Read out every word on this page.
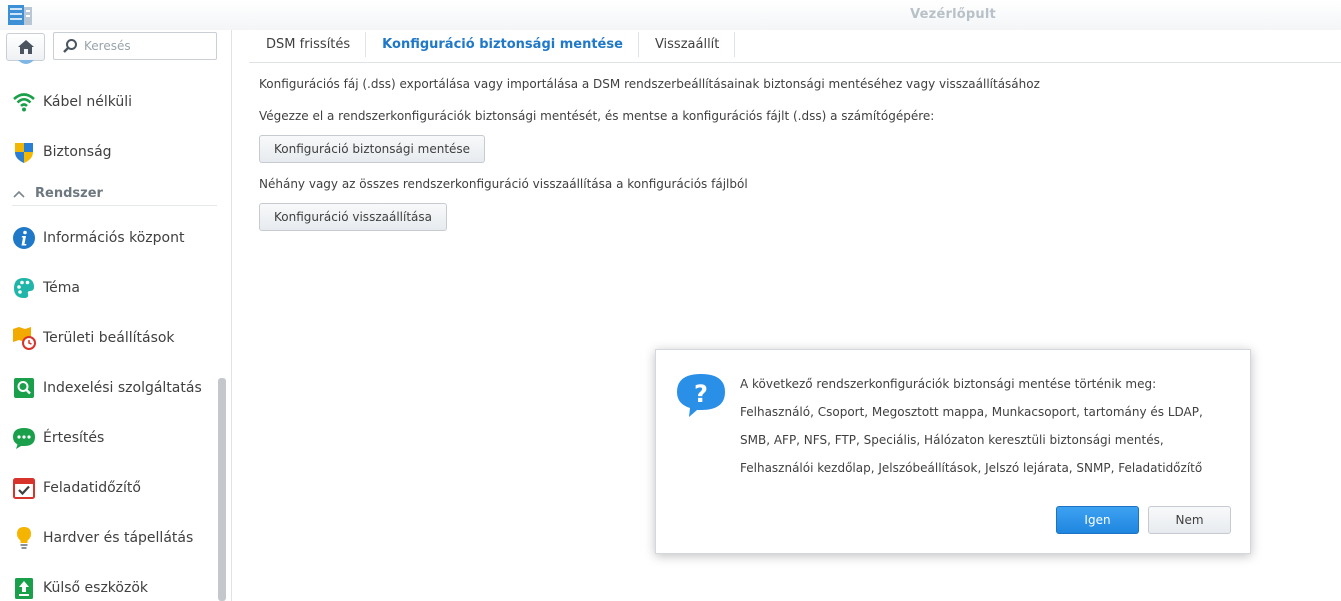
Vezérlőpult
Keresés
Kábel nélküli
Biztonság
Rendszer
Információs központ
Téma
Területi beállítások
Indexelési szolgáltatás
Értesítés
Feladatidőzítő
Hardver és tápellátás
Külső eszközök
DSM frissítés Konfiguráció biztonsági mentése Visszaállít
Konfigurációs fáj (.dss) exportálása vagy importálása a DSM rendszerbeállításainak biztonsági mentéséhez vagy visszaállításához
Végezze el a rendszerkonfigurációk biztonsági mentését, és mentse a konfigurációs fájlt (.dss) a számítógépére:
Konfiguráció biztonsági mentése
Néhány vagy az összes rendszerkonfiguráció visszaállítása a konfigurációs fájlból
Konfiguráció visszaállítása
?	A következő rendszerkonfigurációk biztonsági mentése történik meg:
Felhasználó, Csoport, Megosztott mappa, Munkacsoport, tartomány és LDAP,
SMB, AFP, NFS, FTP, Speciális, Hálózaton keresztüli biztonsági mentés,
Felhasználói kezdőlap, Jelszóbeállítások, Jelszó lejárata, SNMP, Feladatidőzítő
Igen	Nem
